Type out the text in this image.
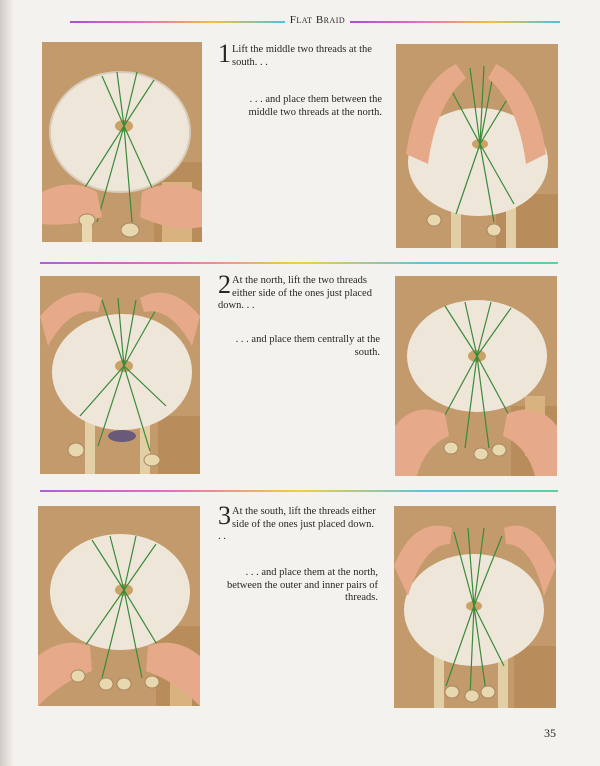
Flat Braid
1 Lift the middle two threads at the south. . .
. . . and place them between the middle two threads at the north.
2 At the north, lift the two threads either side of the ones just placed down. . .
. . . and place them centrally at the south.
3 At the south, lift the threads either side of the ones just placed down. . .
. . . and place them at the north, between the outer and inner pairs of threads.
35
